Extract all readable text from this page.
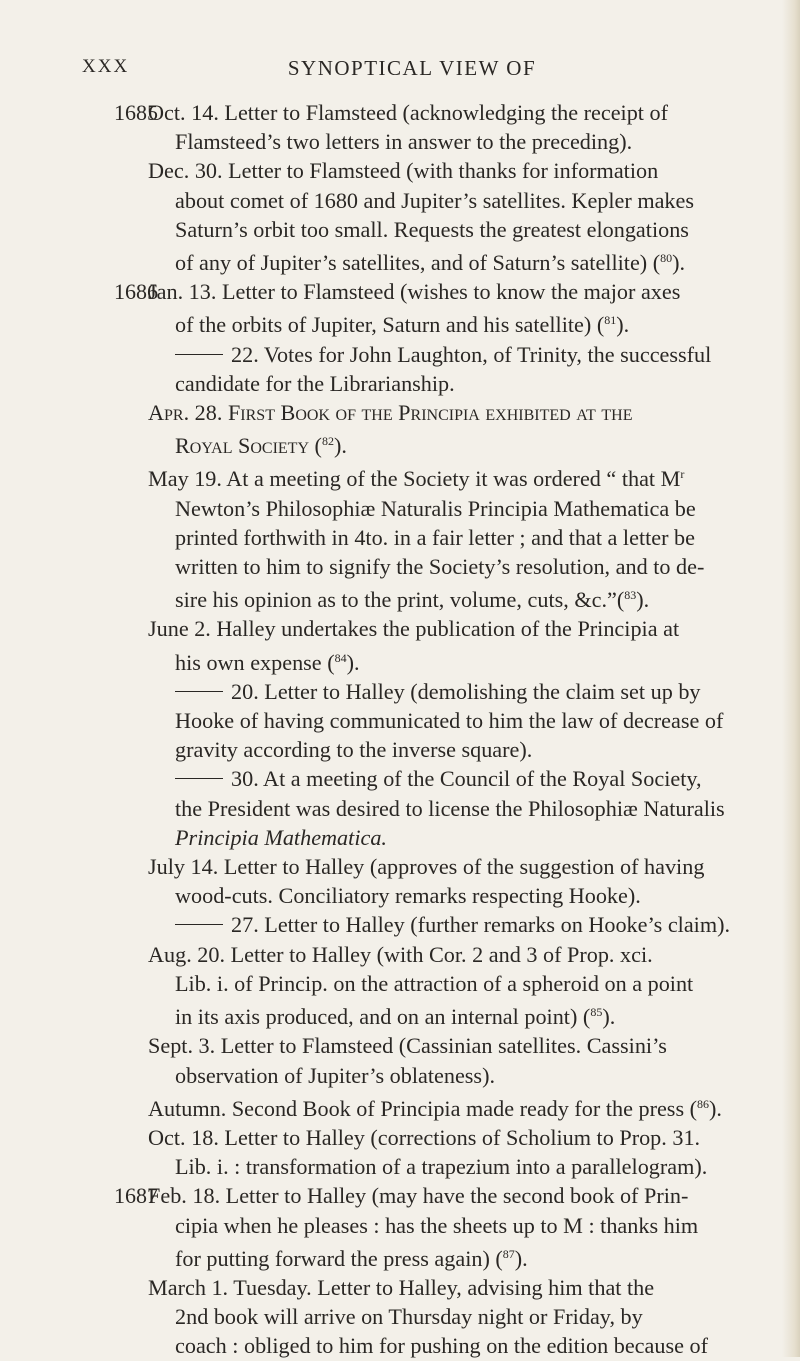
XXX	SYNOPTICAL VIEW OF
1685
Oct. 14. Letter to Flamsteed (acknowledging the receipt of
Flamsteed’s two letters in answer to the preceding).
Dec. 30. Letter to Flamsteed (with thanks for information
about comet of 1680 and Jupiter’s satellites. Kepler makes
Saturn’s orbit too small. Requests the greatest elongations
of any of Jupiter’s satellites, and of Saturn’s satellite) ($^{80}$).
1686
Jan. 13. Letter to Flamsteed (wishes to know the major axes
of the orbits of Jupiter, Saturn and his satellite) ($^{81}$).
22. Votes for John Laughton, of Trinity, the successful
candidate for the Librarianship.
Apr. 28. First Book of the Principia exhibited at the
Royal Society ($^{82}$).
May 19. At a meeting of the Society it was ordered “ that $M^r$
Newton’s Philosophiæ Naturalis Principia Mathematica be
printed forthwith in 4to. in a fair letter ; and that a letter be
written to him to signify the Society’s resolution, and to de-
sire his opinion as to the print, volume, cuts, &c.”($^{83}$).
June 2. Halley undertakes the publication of the Principia at
his own expense ($^{84}$).
20. Letter to Halley (demolishing the claim set up by
Hooke of having communicated to him the law of decrease of
gravity according to the inverse square).
30. At a meeting of the Council of the Royal Society,
the President was desired to license the Philosophiæ Naturalis
Principia Mathematica.
July 14. Letter to Halley (approves of the suggestion of having
wood-cuts. Conciliatory remarks respecting Hooke).
27. Letter to Halley (further remarks on Hooke’s claim).
Aug. 20. Letter to Halley (with Cor. 2 and 3 of Prop. xci.
Lib. i. of Princip. on the attraction of a spheroid on a point
in its axis produced, and on an internal point) ($^{85}$).
Sept. 3. Letter to Flamsteed (Cassinian satellites. Cassini’s
observation of Jupiter’s oblateness).
Autumn. Second Book of Principia made ready for the press ($^{86}$).
Oct. 18. Letter to Halley (corrections of Scholium to Prop. 31.
Lib. i. : transformation of a trapezium into a parallelogram).
1687
Feb. 18. Letter to Halley (may have the second book of Prin-
cipia when he pleases : has the sheets up to M : thanks him
for putting forward the press again) ($^{87}$).
March 1. Tuesday. Letter to Halley, advising him that the
2nd book will arrive on Thursday night or Friday, by
coach : obliged to him for pushing on the edition because of
